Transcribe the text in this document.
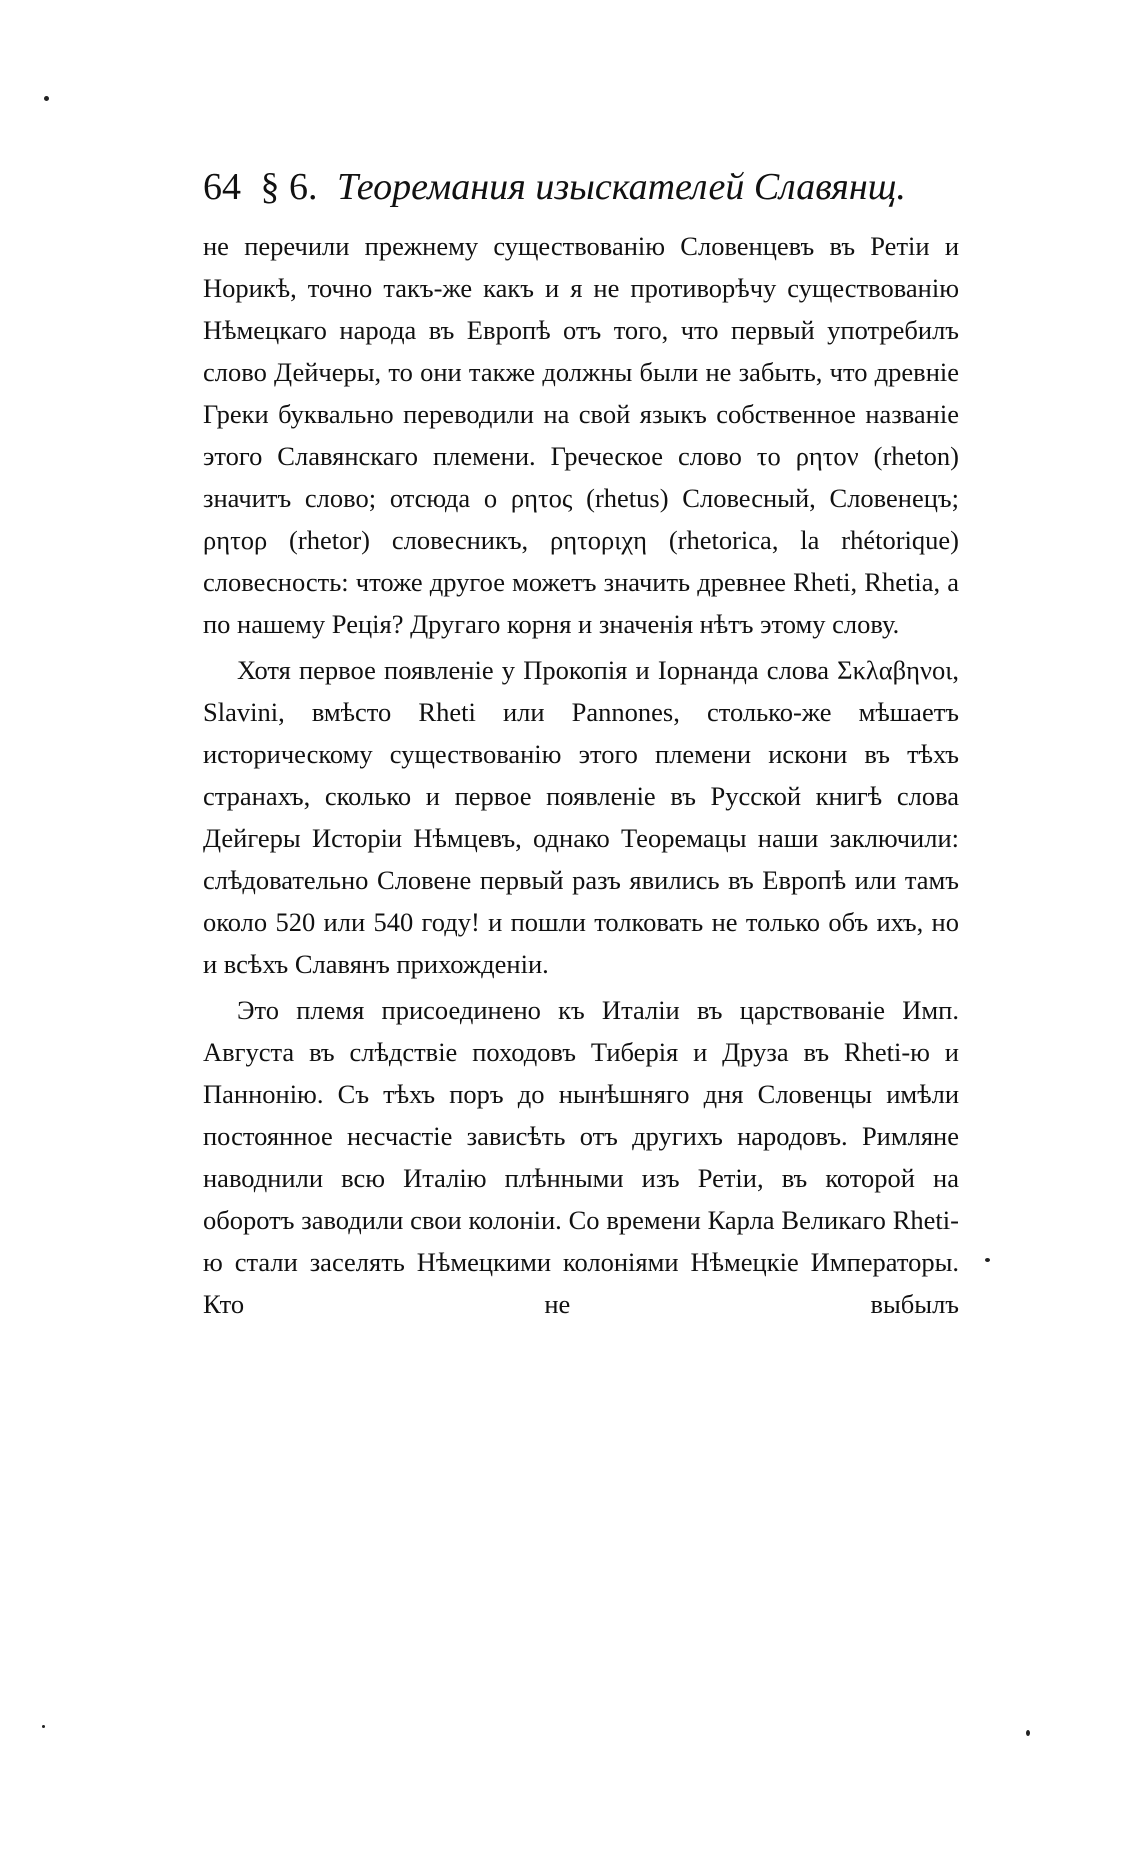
64 § 6. Теоремания изыскателей Славянщ.

не перечили прежнему существованію Словенцевъ въ Ретіи и Норикѣ, точно такъ-же какъ и я не противорѣчу существованію Нѣмецкаго народа въ Европѣ отъ того, что первый употребилъ слово Дейчеры, то они также должны были не забыть, что древніе Греки буквально переводили на свой языкъ собственное названіе этого Славянскаго племени. Греческое слово το ρητον (rheton) значитъ слово; отсюда ο ρητος (rhetus) Словесный, Словенецъ; ρητορ (rhetor) словесникъ, ρητοριχη (rhetorica, la rhétorique) словесность: чтоже другое можетъ значить древнее Rheti, Rhetia, а по нашему Реція? Другаго корня и значенія нѣтъ этому слову.

Хотя первое появленіе у Прокопія и Іорнанда слова Σκλαβηνοι, Slavini, вмѣсто Rheti или Pannones, столько-же мѣшаетъ историческому существованію этого племени искони въ тѣхъ странахъ, сколько и первое появленіе въ Русской книгѣ слова Дейгеры Исторіи Нѣмцевъ, однако Теоремацы наши заключили: слѣдовательно Словене первый разъ явились въ Европѣ или тамъ около 520 или 540 году! и пошли толковать не только объ ихъ, но и всѣхъ Славянъ прихожденіи.

Это племя присоединено къ Италіи въ царствованіе Имп. Августа въ слѣдствіе походовъ Тиберія и Друза въ Rheti-ю и Паннонію. Съ тѣхъ поръ до нынѣшняго дня Словенцы имѣли постоянное несчастіе зависѣть отъ другихъ народовъ. Римляне наводнили всю Италію плѣнными изъ Ретіи, въ которой на оборотъ заводили свои колоніи. Со времени Карла Великаго Rheti-ю стали заселять Нѣмецкими колоніями Нѣмецкіе Императоры. Кто не выбылъ
